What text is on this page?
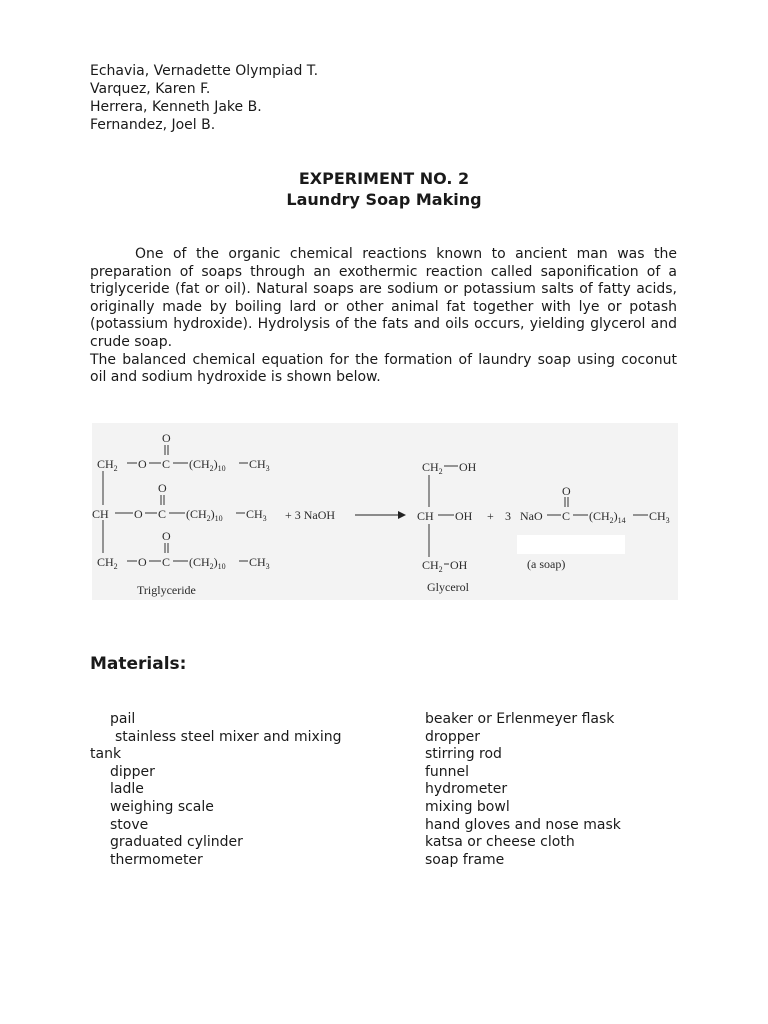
Echavia, Vernadette Olympiad T.
Varquez, Karen F.
Herrera, Kenneth Jake B.
Fernandez, Joel B.
EXPERIMENT NO. 2
Laundry Soap Making

One of the organic chemical reactions known to ancient man was the preparation of soaps through an exothermic reaction called saponification of a triglyceride (fat or oil). Natural soaps are sodium or potassium salts of fatty acids, originally made by boiling lard or other animal fat together with lye or potash (potassium hydroxide). Hydrolysis of the fats and oils occurs, yielding glycerol and crude soap.

The balanced chemical equation for the formation of laundry soap using coconut oil and sodium hydroxide is shown below.

$CH_2$ O C
O
$(CH_2)_{10}$ $CH_3$
CH O C
O
$(CH_2)_{10}$ $CH_3$
$CH_2$ O C
O
$(CH_2)_{10}$ $CH_3$
Triglyceride
+ 3 NaOH
$CH_2$ OH
CH OH
$CH_2$ OH
Glycerol
+ 3 NaO C
O
$(CH_2)_{14}$ $CH_3$
(a soap)
Materials:
pail
stainless steel mixer and mixing
tank
dipper
ladle
weighing scale
stove
graduated cylinder
thermometer
beaker or Erlenmeyer flask
dropper
stirring rod
funnel
hydrometer
mixing bowl
hand gloves and nose mask
katsa or cheese cloth
soap frame
